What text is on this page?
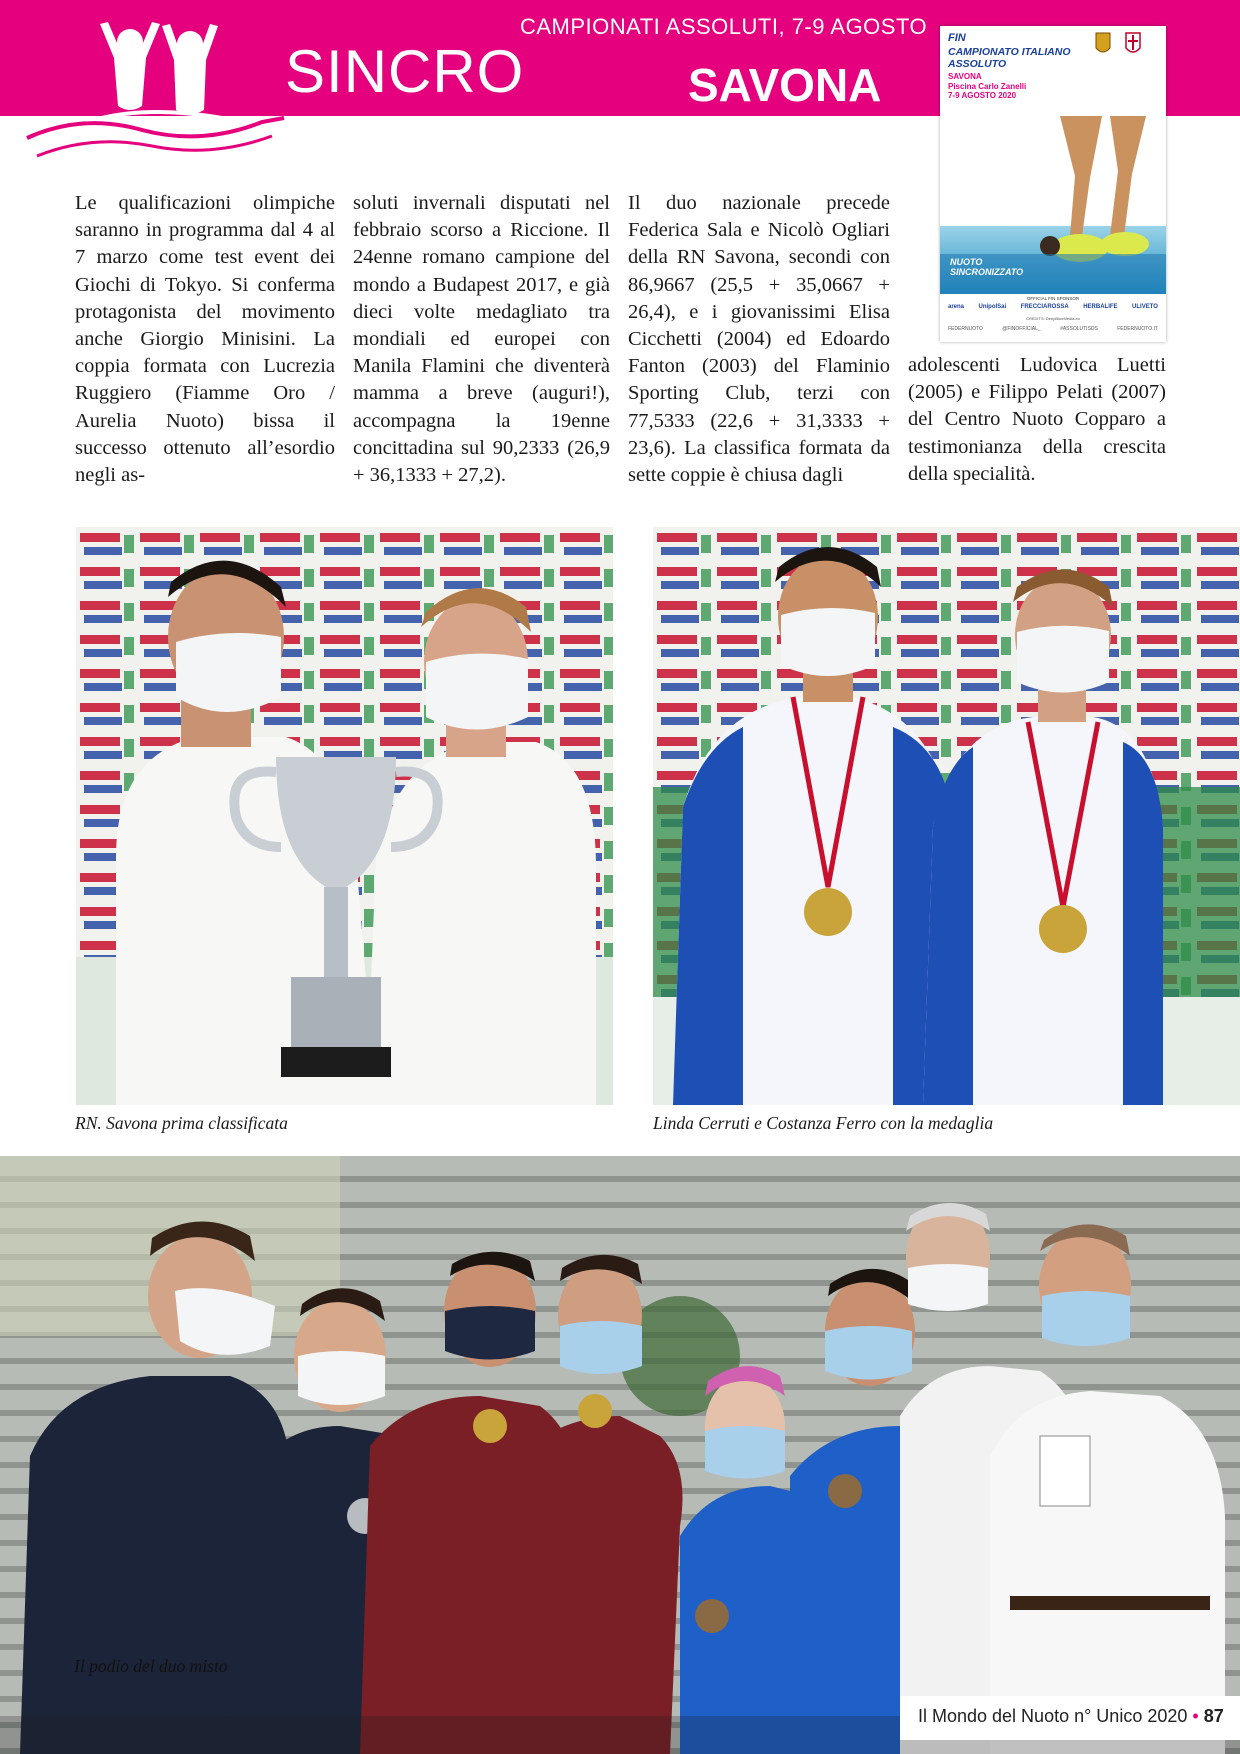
CAMPIONATI ASSOLUTI, 7-9 AGOSTO
SINCRO	SAVONA
FIN
CAMPIONATO ITALIANO ASSOLUTO
SAVONA
Piscina Carlo Zanelli
7-9 AGOSTO 2020
NUOTO SINCRONIZZATO
OFFICIAL FIN SPONSOR
arena UnipolSai FRECCIAROSSA HERBALIFE ULIVETO
CREDITS: DeepBlueMedia.eu
FEDERNUOTO	@FINOFFICIAL_	#ASSOLUTISDS	FEDERNUOTO.IT

Le qualificazioni olimpiche saranno in programma dal 4 al 7 marzo come test event dei Giochi di Tokyo. Si conferma protagonista del movimento anche Giorgio Minisini. La coppia formata con Lucrezia Ruggiero (Fiamme Oro / Aurelia Nuoto) bissa il successo ottenuto all’esordio negli as-

soluti invernali disputati nel febbraio scorso a Riccione. Il 24enne romano campione del mondo a Budapest 2017, e già dieci volte medagliato tra mondiali ed europei con Manila Flamini che diventerà mamma a breve (auguri!), accompagna la 19enne concittadina sul 90,2333 (26,9 + 36,1333 + 27,2).

Il duo nazionale precede Federica Sala e Nicolò Ogliari della RN Savona, secondi con 86,9667 (25,5 + 35,0667 + 26,4), e i giovanissimi Elisa Cicchetti (2004) ed Edoardo Fanton (2003) del Flaminio Sporting Club, terzi con 77,5333 (22,6 + 31,3333 + 23,6). La classifica formata da sette coppie è chiusa dagli

adolescenti Ludovica Luetti (2005) e Filippo Pelati (2007) del Centro Nuoto Copparo a testimonianza della crescita della specialità.

RN. Savona prima classificata	Linda Cerruti e Costanza Ferro con la medaglia
Il podio del duo misto
Il Mondo del Nuoto n° Unico 2020 • 87
